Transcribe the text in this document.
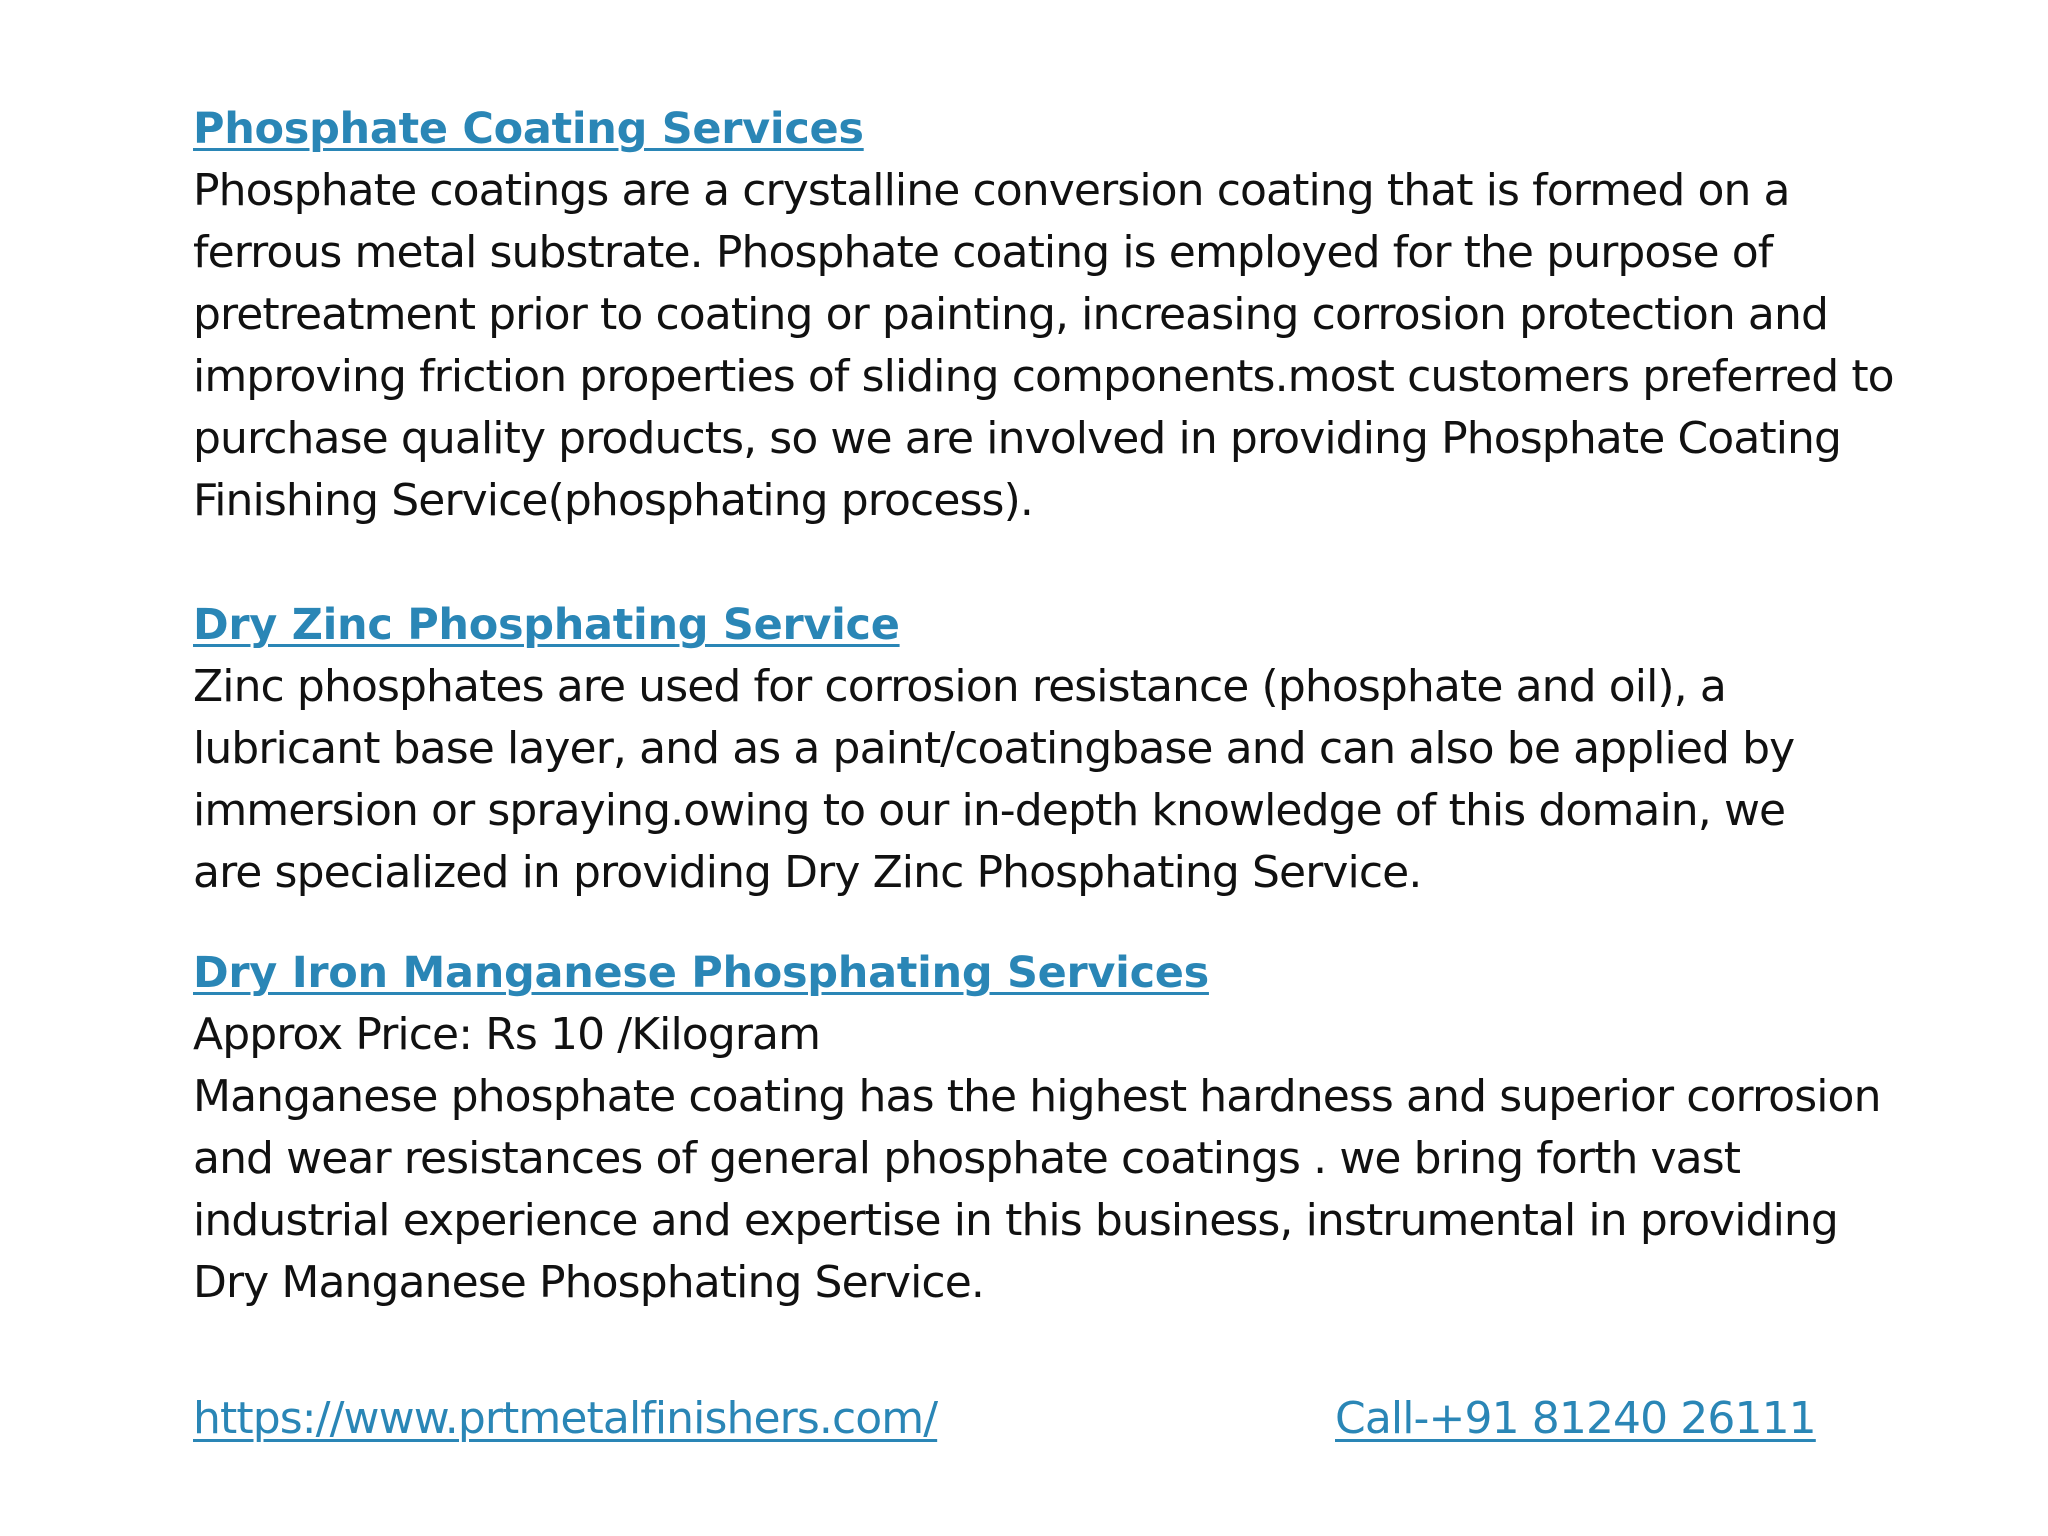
Phosphate Coating Services

Phosphate coatings are a crystalline conversion coating that is formed on a
ferrous metal substrate. Phosphate coating is employed for the purpose of
pretreatment prior to coating or painting, increasing corrosion protection and
improving friction properties of sliding components.most customers preferred to
purchase quality products, so we are involved in providing Phosphate Coating
Finishing Service(phosphating process).

Dry Zinc Phosphating Service

Zinc phosphates are used for corrosion resistance (phosphate and oil), a
lubricant base layer, and as a paint/coatingbase and can also be applied by
immersion or spraying.owing to our in-depth knowledge of this domain, we
are specialized in providing Dry Zinc Phosphating Service.

Dry Iron Manganese Phosphating Services

Approx Price: Rs 10 /Kilogram
Manganese phosphate coating has the highest hardness and superior corrosion
and wear resistances of general phosphate coatings . we bring forth vast
industrial experience and expertise in this business, instrumental in providing
Dry Manganese Phosphating Service.

https://www.prtmetalfinishers.com/	Call-+91 81240 26111
